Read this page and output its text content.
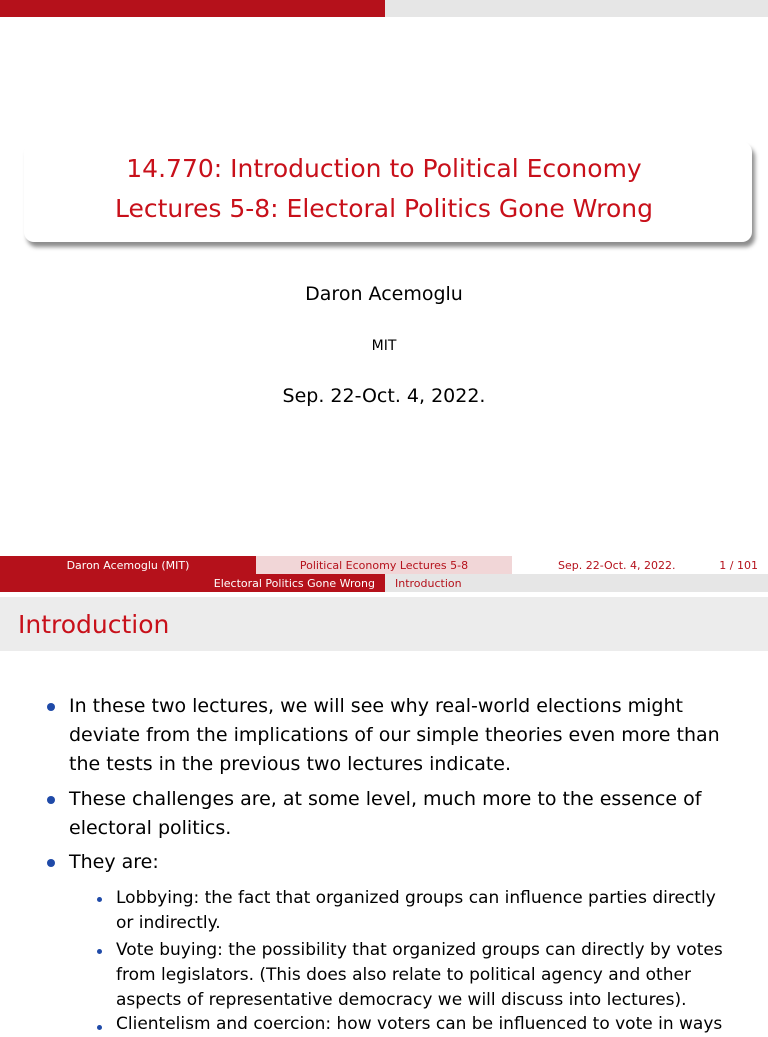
14.770: Introduction to Political Economy
Lectures 5-8: Electoral Politics Gone Wrong
Daron Acemoglu
MIT
Sep. 22-Oct. 4, 2022.
Daron Acemoglu (MIT)	Political Economy Lectures 5-8	Sep. 22-Oct. 4, 2022.	1 / 101
Electoral Politics Gone Wrong	Introduction
Introduction
In these two lectures, we will see why real-world elections might
deviate from the implications of our simple theories even more than
the tests in the previous two lectures indicate.
These challenges are, at some level, much more to the essence of
electoral politics.
They are:
Lobbying: the fact that organized groups can influence parties directly
or indirectly.
Vote buying: the possibility that organized groups can directly by votes
from legislators. (This does also relate to political agency and other
aspects of representative democracy we will discuss into lectures).
Clientelism and coercion: how voters can be influenced to vote in ways
